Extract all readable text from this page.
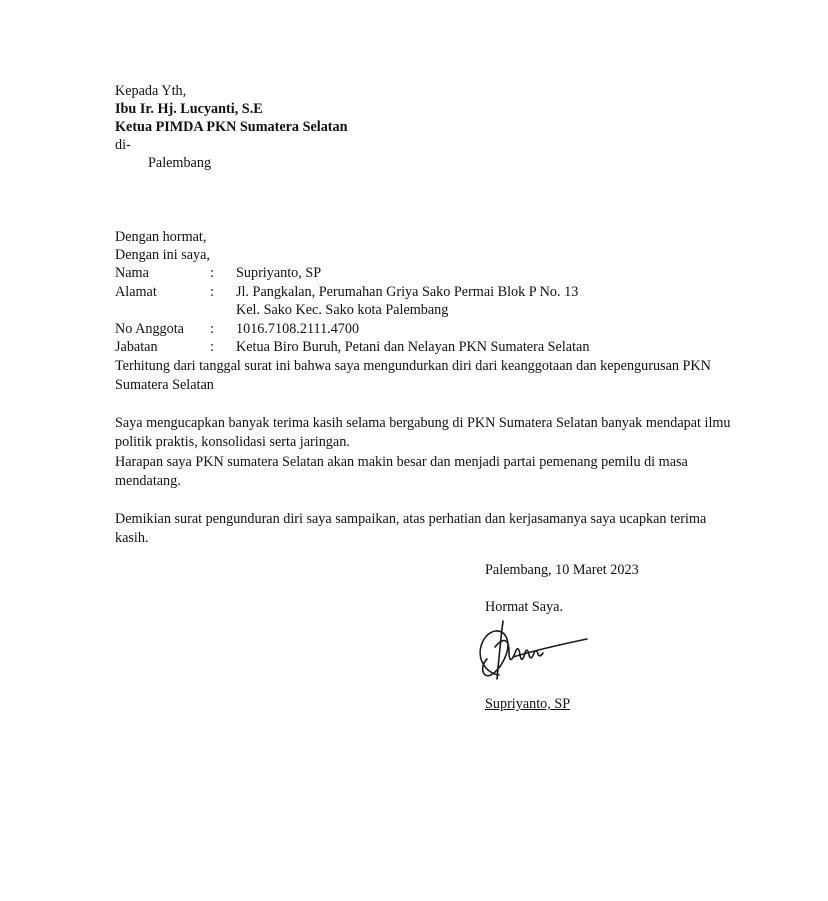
Kepada Yth,
Ibu Ir. Hj. Lucyanti, S.E
Ketua PIMDA PKN Sumatera Selatan
di-
Palembang
Dengan hormat,
Dengan ini saya,
Nama	:	Supriyanto, SP
Alamat	:	Jl. Pangkalan, Perumahan Griya Sako Permai Blok P No. 13
Kel. Sako Kec. Sako kota Palembang
No Anggota	:	1016.7108.2111.4700
Jabatan	:	Ketua Biro Buruh, Petani dan Nelayan PKN Sumatera Selatan
Terhitung dari tanggal surat ini bahwa saya mengundurkan diri dari keanggotaan dan kepengurusan PKN Sumatera Selatan
Saya mengucapkan banyak terima kasih selama bergabung di PKN Sumatera Selatan banyak mendapat ilmu politik praktis, konsolidasi serta jaringan.
Harapan saya PKN sumatera Selatan akan makin besar dan menjadi partai pemenang pemilu di masa mendatang.
Demikian surat pengunduran diri saya sampaikan, atas perhatian dan kerjasamanya saya ucapkan terima kasih.
Palembang, 10 Maret 2023
Hormat Saya.
Supriyanto, SP
